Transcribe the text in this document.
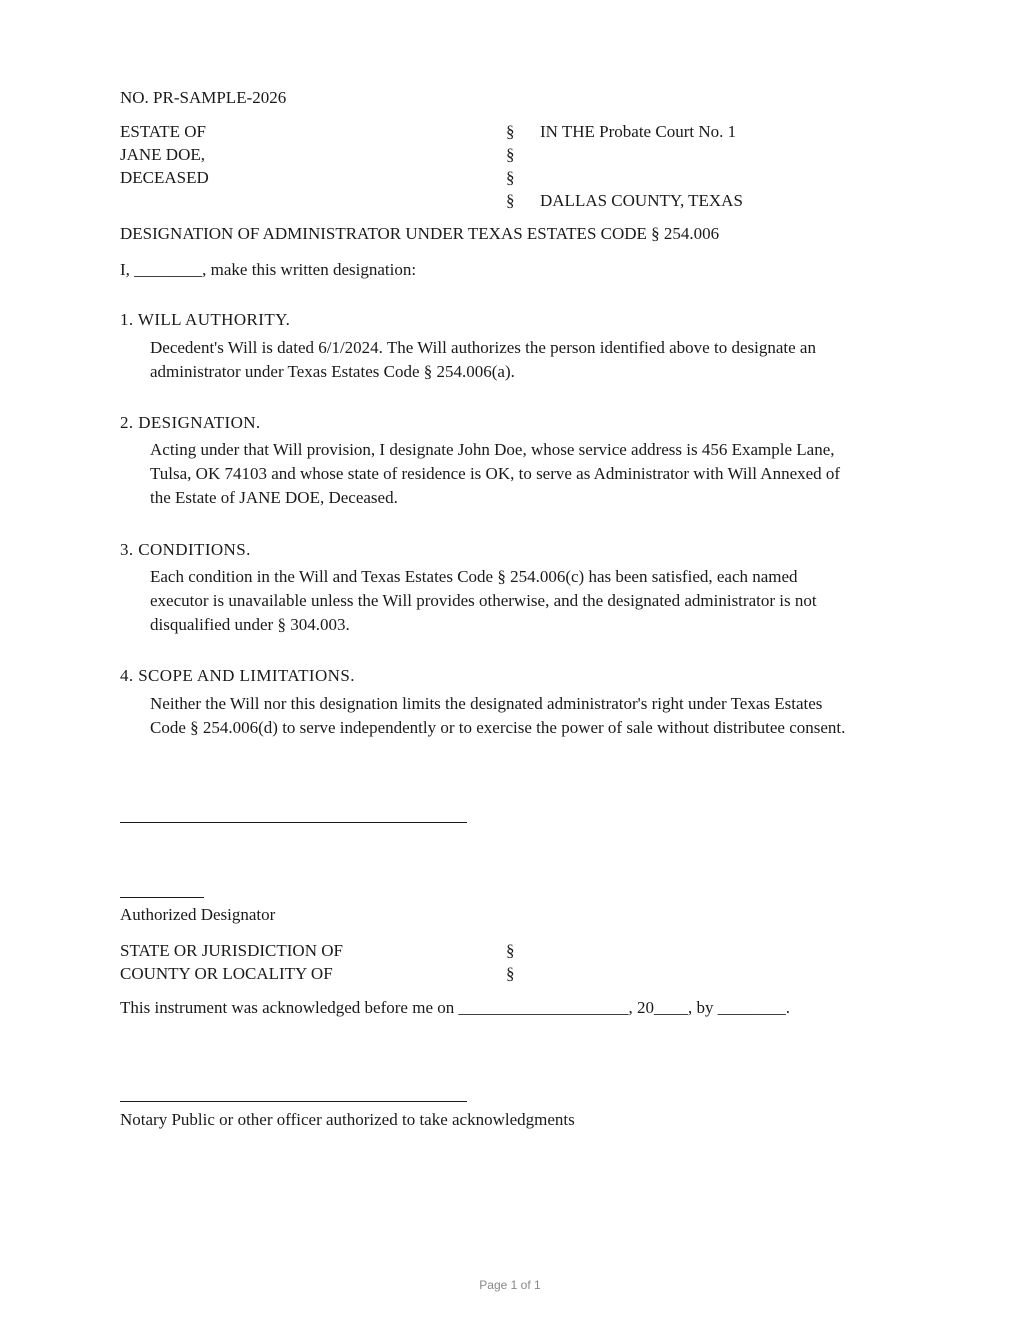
NO. PR-SAMPLE-2026
ESTATE OF
JANE DOE,
DECEASED
§
§
§
§
IN THE Probate Court No. 1
DALLAS COUNTY, TEXAS
DESIGNATION OF ADMINISTRATOR UNDER TEXAS ESTATES CODE § 254.006
I, ________, make this written designation:
1. WILL AUTHORITY.
Decedent's Will is dated 6/1/2024. The Will authorizes the person identified above to designate an
administrator under Texas Estates Code § 254.006(a).
2. DESIGNATION.
Acting under that Will provision, I designate John Doe, whose service address is 456 Example Lane,
Tulsa, OK 74103 and whose state of residence is OK, to serve as Administrator with Will Annexed of
the Estate of JANE DOE, Deceased.
3. CONDITIONS.
Each condition in the Will and Texas Estates Code § 254.006(c) has been satisfied, each named
executor is unavailable unless the Will provides otherwise, and the designated administrator is not
disqualified under § 304.003.
4. SCOPE AND LIMITATIONS.
Neither the Will nor this designation limits the designated administrator's right under Texas Estates
Code § 254.006(d) to serve independently or to exercise the power of sale without distributee consent.
Authorized Designator
STATE OR JURISDICTION OF
COUNTY OR LOCALITY OF
§
§
This instrument was acknowledged before me on ____________________, 20____, by ________.
Notary Public or other officer authorized to take acknowledgments
Page 1 of 1
